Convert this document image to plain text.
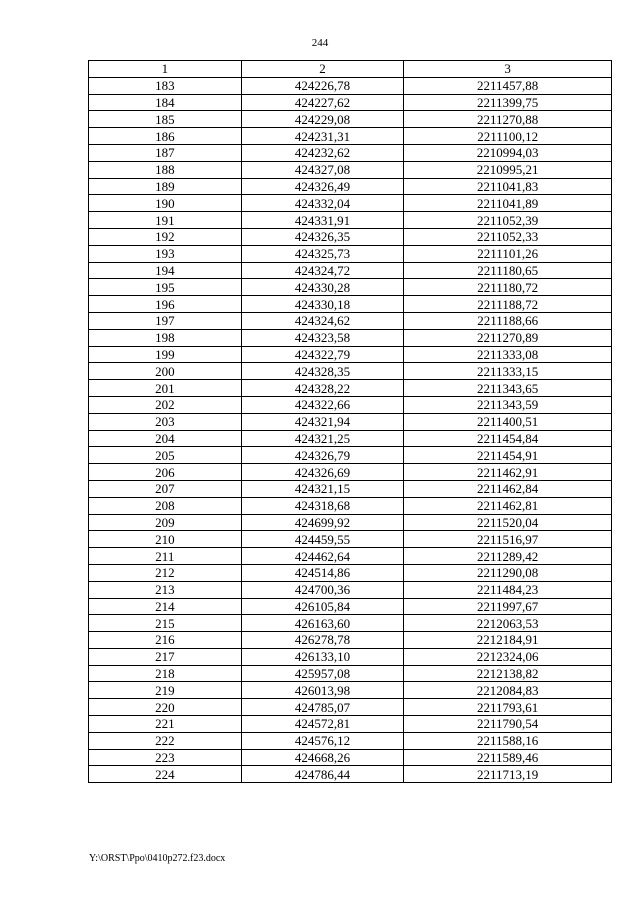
244
1	2	3
183	424226,78	2211457,88
184	424227,62	2211399,75
185	424229,08	2211270,88
186	424231,31	2211100,12
187	424232,62	2210994,03
188	424327,08	2210995,21
189	424326,49	2211041,83
190	424332,04	2211041,89
191	424331,91	2211052,39
192	424326,35	2211052,33
193	424325,73	2211101,26
194	424324,72	2211180,65
195	424330,28	2211180,72
196	424330,18	2211188,72
197	424324,62	2211188,66
198	424323,58	2211270,89
199	424322,79	2211333,08
200	424328,35	2211333,15
201	424328,22	2211343,65
202	424322,66	2211343,59
203	424321,94	2211400,51
204	424321,25	2211454,84
205	424326,79	2211454,91
206	424326,69	2211462,91
207	424321,15	2211462,84
208	424318,68	2211462,81
209	424699,92	2211520,04
210	424459,55	2211516,97
211	424462,64	2211289,42
212	424514,86	2211290,08
213	424700,36	2211484,23
214	426105,84	2211997,67
215	426163,60	2212063,53
216	426278,78	2212184,91
217	426133,10	2212324,06
218	425957,08	2212138,82
219	426013,98	2212084,83
220	424785,07	2211793,61
221	424572,81	2211790,54
222	424576,12	2211588,16
223	424668,26	2211589,46
224	424786,44	2211713,19
Y:\ORST\Ppo\0410p272.f23.docx
